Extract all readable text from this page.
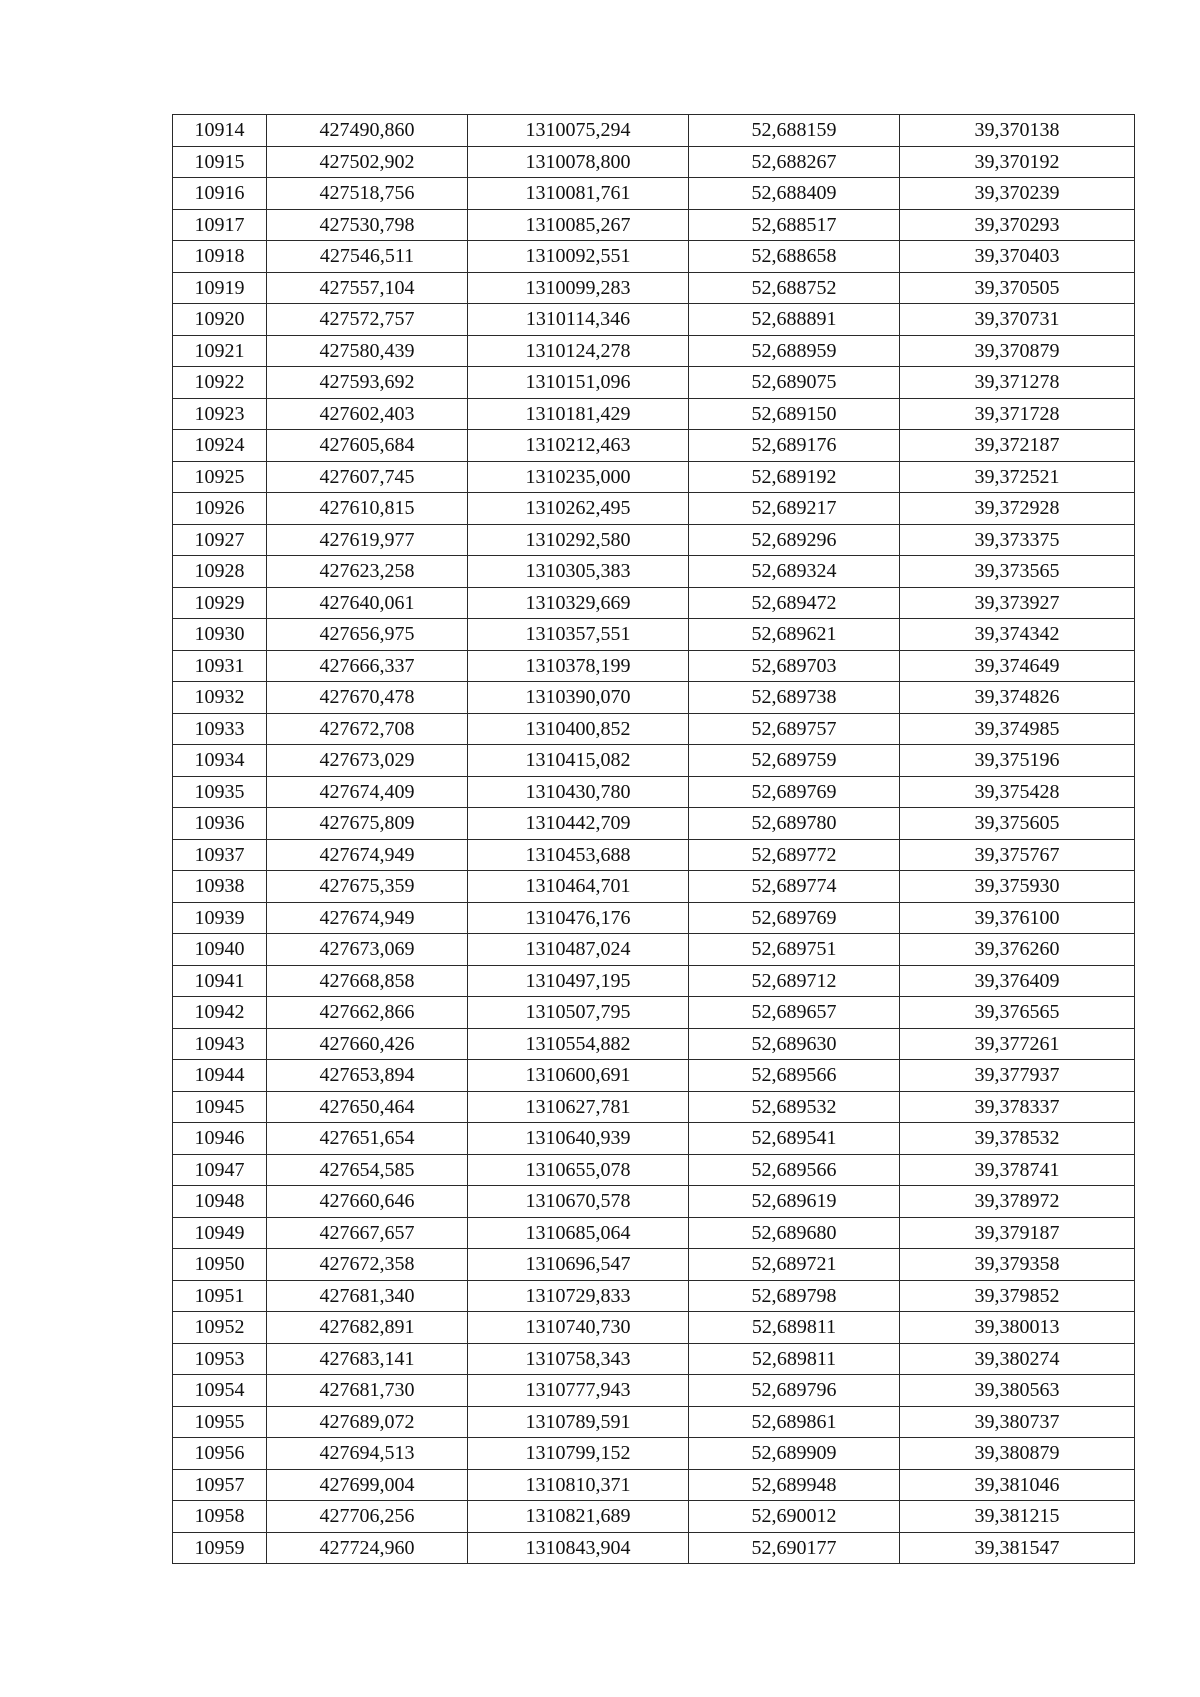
10914	427490,860	1310075,294	52,688159	39,370138
10915	427502,902	1310078,800	52,688267	39,370192
10916	427518,756	1310081,761	52,688409	39,370239
10917	427530,798	1310085,267	52,688517	39,370293
10918	427546,511	1310092,551	52,688658	39,370403
10919	427557,104	1310099,283	52,688752	39,370505
10920	427572,757	1310114,346	52,688891	39,370731
10921	427580,439	1310124,278	52,688959	39,370879
10922	427593,692	1310151,096	52,689075	39,371278
10923	427602,403	1310181,429	52,689150	39,371728
10924	427605,684	1310212,463	52,689176	39,372187
10925	427607,745	1310235,000	52,689192	39,372521
10926	427610,815	1310262,495	52,689217	39,372928
10927	427619,977	1310292,580	52,689296	39,373375
10928	427623,258	1310305,383	52,689324	39,373565
10929	427640,061	1310329,669	52,689472	39,373927
10930	427656,975	1310357,551	52,689621	39,374342
10931	427666,337	1310378,199	52,689703	39,374649
10932	427670,478	1310390,070	52,689738	39,374826
10933	427672,708	1310400,852	52,689757	39,374985
10934	427673,029	1310415,082	52,689759	39,375196
10935	427674,409	1310430,780	52,689769	39,375428
10936	427675,809	1310442,709	52,689780	39,375605
10937	427674,949	1310453,688	52,689772	39,375767
10938	427675,359	1310464,701	52,689774	39,375930
10939	427674,949	1310476,176	52,689769	39,376100
10940	427673,069	1310487,024	52,689751	39,376260
10941	427668,858	1310497,195	52,689712	39,376409
10942	427662,866	1310507,795	52,689657	39,376565
10943	427660,426	1310554,882	52,689630	39,377261
10944	427653,894	1310600,691	52,689566	39,377937
10945	427650,464	1310627,781	52,689532	39,378337
10946	427651,654	1310640,939	52,689541	39,378532
10947	427654,585	1310655,078	52,689566	39,378741
10948	427660,646	1310670,578	52,689619	39,378972
10949	427667,657	1310685,064	52,689680	39,379187
10950	427672,358	1310696,547	52,689721	39,379358
10951	427681,340	1310729,833	52,689798	39,379852
10952	427682,891	1310740,730	52,689811	39,380013
10953	427683,141	1310758,343	52,689811	39,380274
10954	427681,730	1310777,943	52,689796	39,380563
10955	427689,072	1310789,591	52,689861	39,380737
10956	427694,513	1310799,152	52,689909	39,380879
10957	427699,004	1310810,371	52,689948	39,381046
10958	427706,256	1310821,689	52,690012	39,381215
10959	427724,960	1310843,904	52,690177	39,381547
